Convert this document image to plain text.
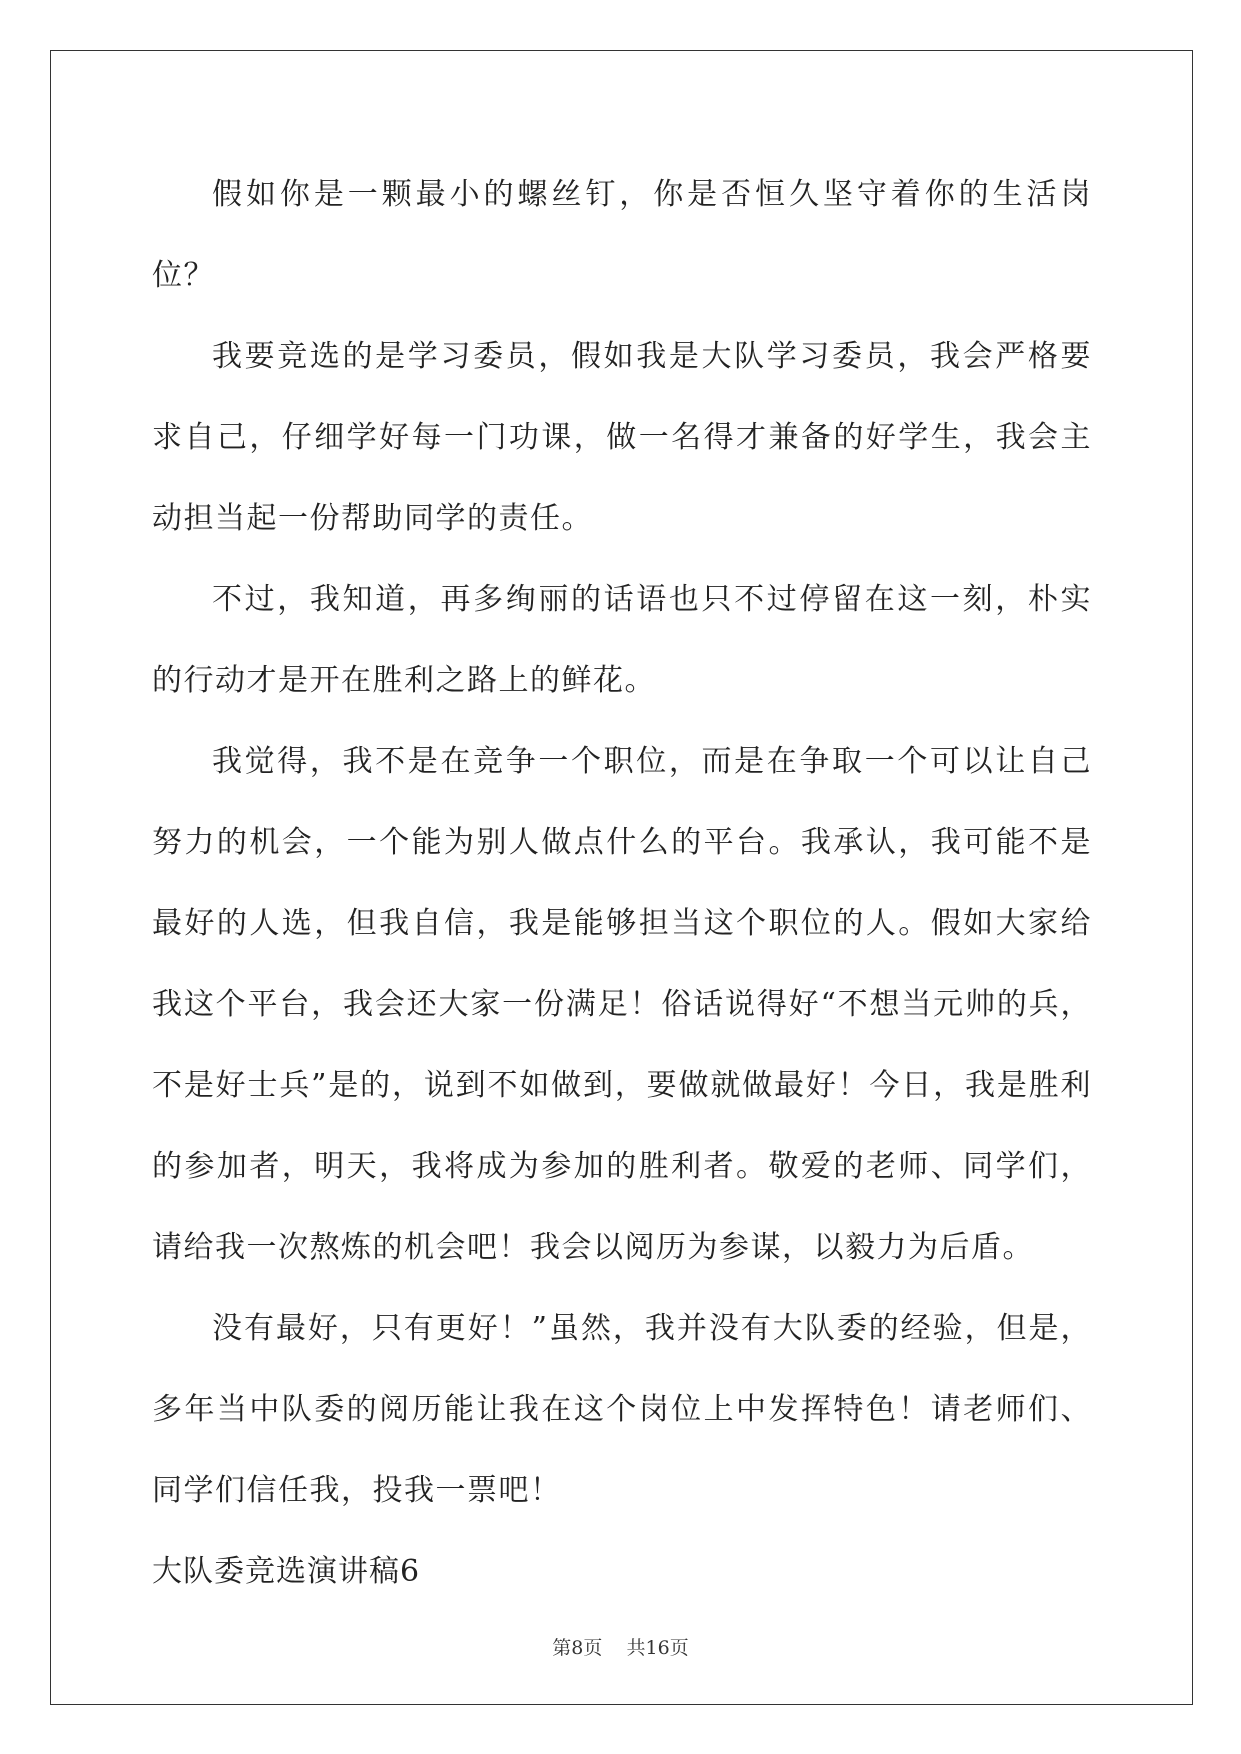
假如你是一颗最小的螺丝钉，你是否恒久坚守着你的生活岗位？

我要竞选的是学习委员，假如我是大队学习委员，我会严格要求自己，仔细学好每一门功课，做一名得才兼备的好学生，我会主动担当起一份帮助同学的责任。

不过，我知道，再多绚丽的话语也只不过停留在这一刻，朴实的行动才是开在胜利之路上的鲜花。

我觉得，我不是在竞争一个职位，而是在争取一个可以让自己努力的机会，一个能为别人做点什么的平台。我承认，我可能不是最好的人选，但我自信，我是能够担当这个职位的人。假如大家给我这个平台，我会还大家一份满足！俗话说得好“不想当元帅的兵，不是好士兵”是的，说到不如做到，要做就做最好！今日，我是胜利的参加者，明天，我将成为参加的胜利者。敬爱的老师、同学们，请给我一次熬炼的机会吧！我会以阅历为参谋，以毅力为后盾。

没有最好，只有更好！”虽然，我并没有大队委的经验，但是，多年当中队委的阅历能让我在这个岗位上中发挥特色！请老师们、同学们信任我，投我一票吧！

大队委竞选演讲稿6

第8页    共16页
